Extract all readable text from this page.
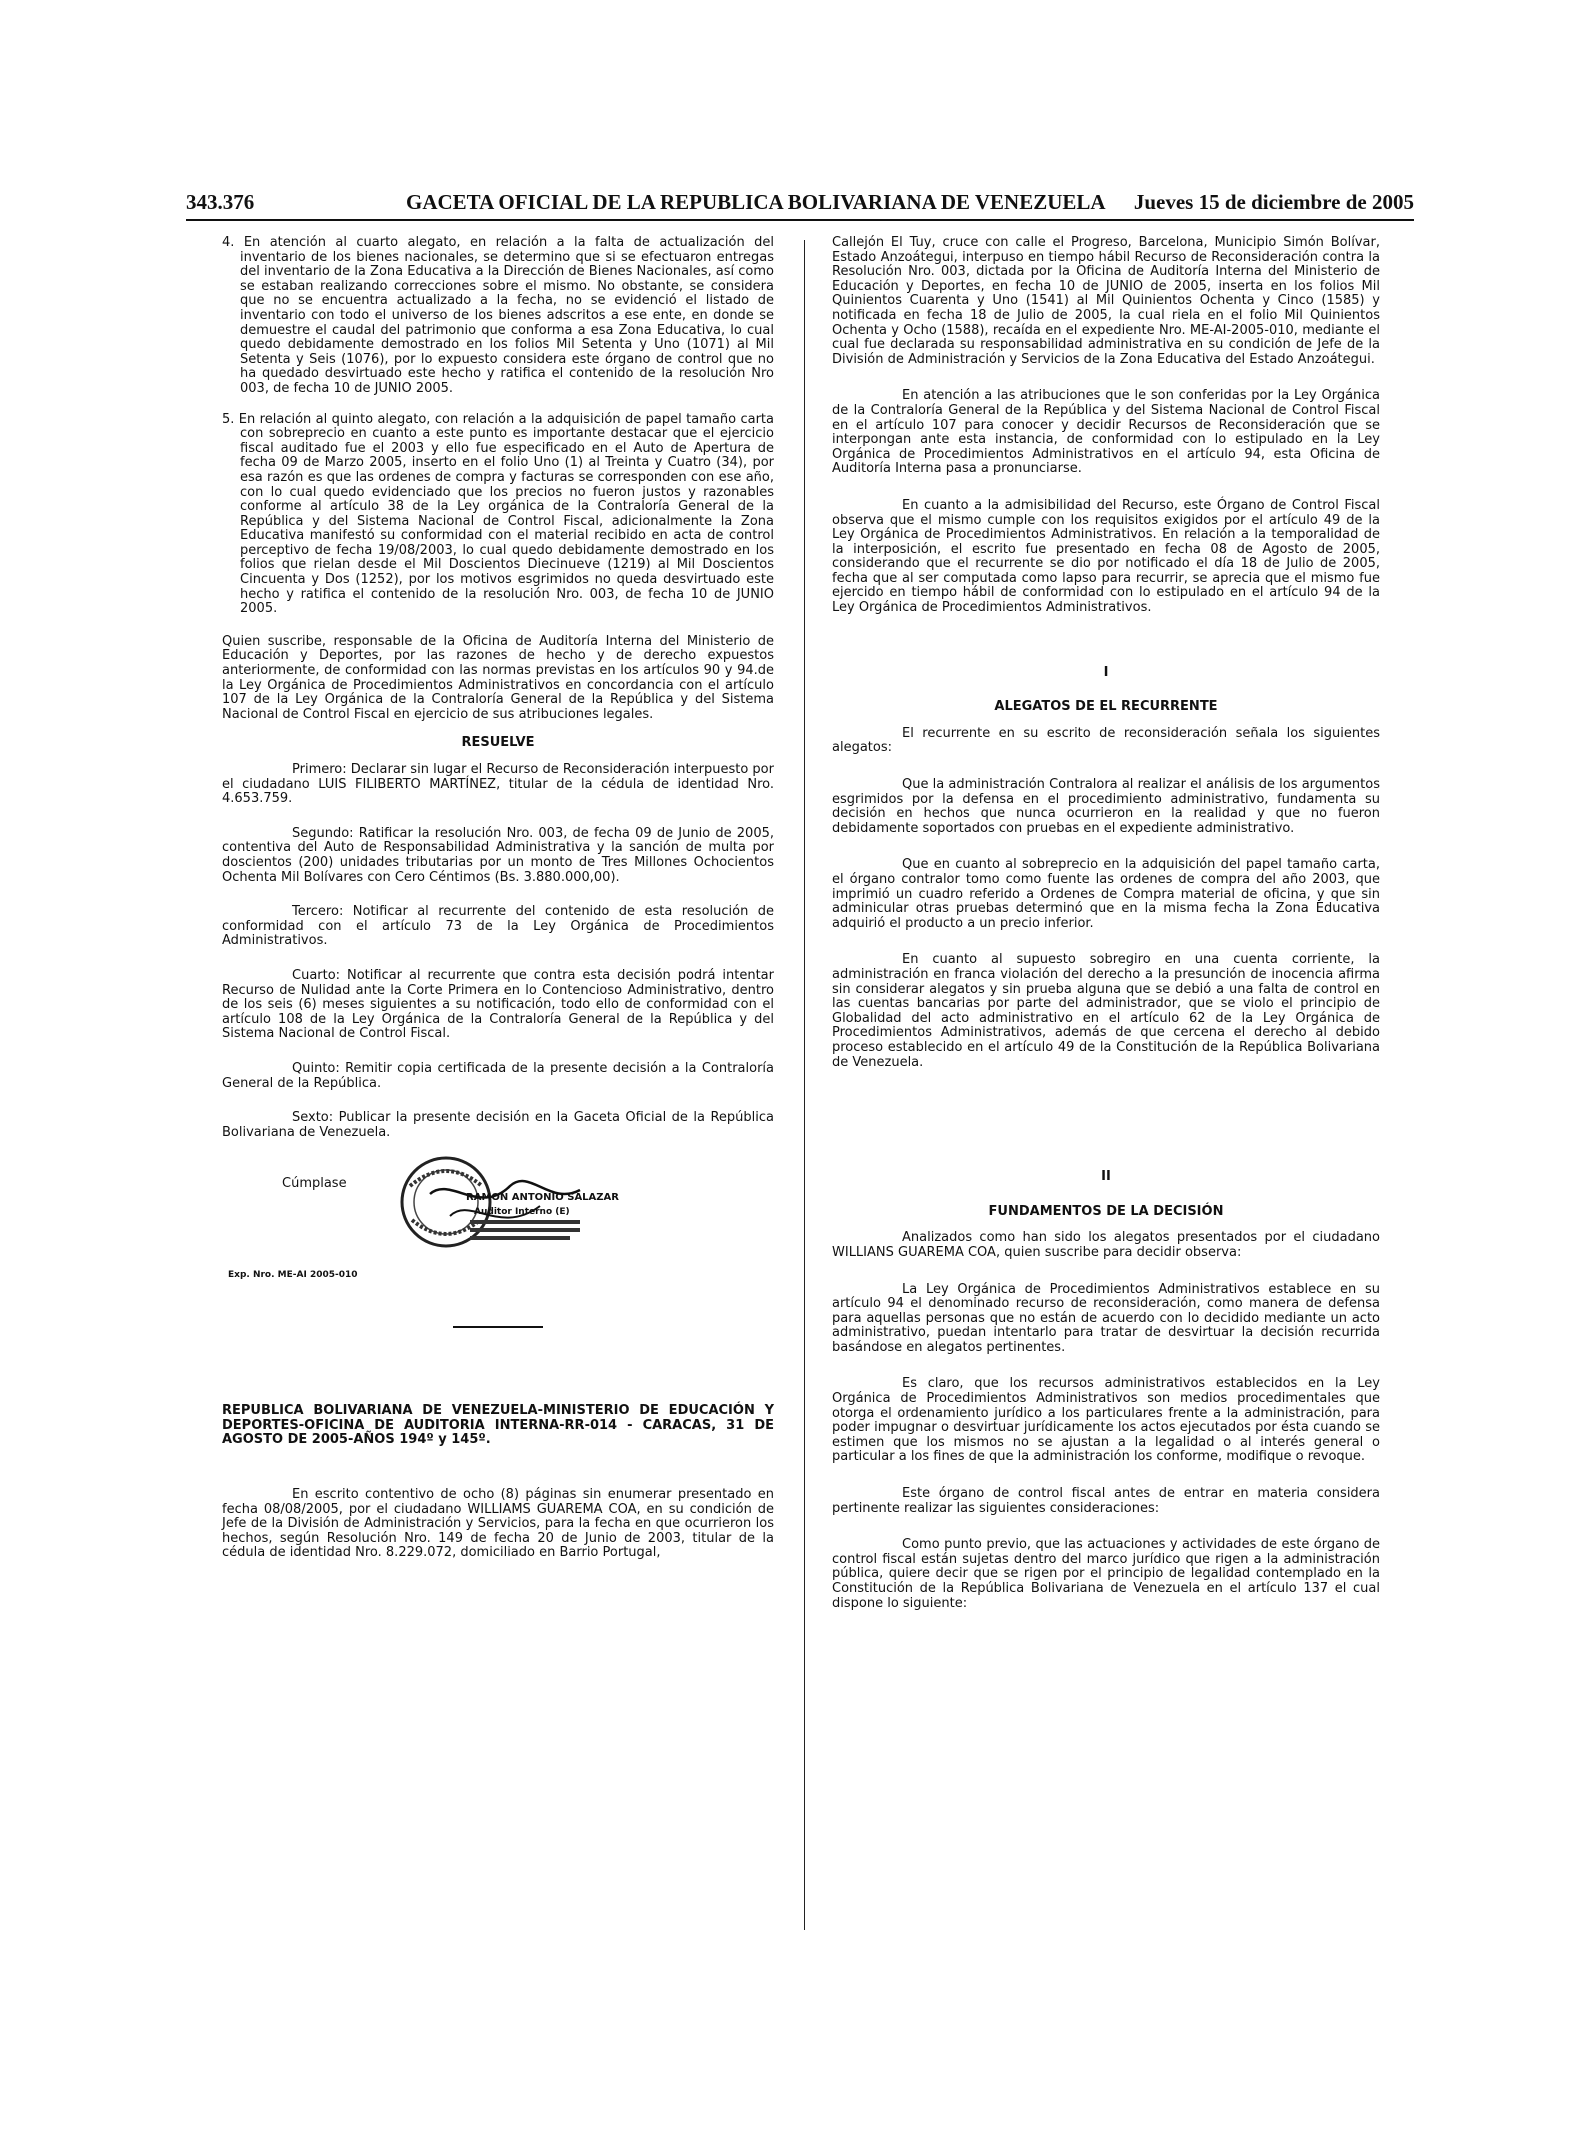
343.376	GACETA OFICIAL DE LA REPUBLICA BOLIVARIANA DE VENEZUELA Jueves 15 de diciembre de 2005

4. En atención al cuarto alegato, en relación a la falta de actualización del inventario de los bienes nacionales, se determino que si se efectuaron entregas del inventario de la Zona Educativa a la Dirección de Bienes Nacionales, así como se estaban realizando correcciones sobre el mismo. No obstante, se considera que no se encuentra actualizado a la fecha, no se evidenció el listado de inventario con todo el universo de los bienes adscritos a ese ente, en donde se demuestre el caudal del patrimonio que conforma a esa Zona Educativa, lo cual quedo debidamente demostrado en los folios Mil Setenta y Uno (1071) al Mil Setenta y Seis (1076), por lo expuesto considera este órgano de control que no ha quedado desvirtuado este hecho y ratifica el contenido de la resolución Nro 003, de fecha 10 de JUNIO 2005.

5. En relación al quinto alegato, con relación a la adquisición de papel tamaño carta con sobreprecio en cuanto a este punto es importante destacar que el ejercicio fiscal auditado fue el 2003 y ello fue especificado en el Auto de Apertura de fecha 09 de Marzo 2005, inserto en el folio Uno (1) al Treinta y Cuatro (34), por esa razón es que las ordenes de compra y facturas se corresponden con ese año, con lo cual quedo evidenciado que los precios no fueron justos y razonables conforme al artículo 38 de la Ley orgánica de la Contraloría General de la República y del Sistema Nacional de Control Fiscal, adicionalmente la Zona Educativa manifestó su conformidad con el material recibido en acta de control perceptivo de fecha 19/08/2003, lo cual quedo debidamente demostrado en los folios que rielan desde el Mil Doscientos Diecinueve (1219) al Mil Doscientos Cincuenta y Dos (1252), por los motivos esgrimidos no queda desvirtuado este hecho y ratifica el contenido de la resolución Nro. 003, de fecha 10 de JUNIO 2005.

Quien suscribe, responsable de la Oficina de Auditoría Interna del Ministerio de Educación y Deportes, por las razones de hecho y de derecho expuestos anteriormente, de conformidad con las normas previstas en los artículos 90 y 94.de la Ley Orgánica de Procedimientos Administrativos en concordancia con el artículo 107 de la Ley Orgánica de la Contraloría General de la República y del Sistema Nacional de Control Fiscal en ejercicio de sus atribuciones legales.

RESUELVE

Primero: Declarar sin lugar el Recurso de Reconsideración interpuesto por el ciudadano LUIS FILIBERTO MARTÍNEZ, titular de la cédula de identidad Nro. 4.653.759.

Segundo: Ratificar la resolución Nro. 003, de fecha 09 de Junio de 2005, contentiva del Auto de Responsabilidad Administrativa y la sanción de multa por doscientos (200) unidades tributarias por un monto de Tres Millones Ochocientos Ochenta Mil Bolívares con Cero Céntimos (Bs. 3.880.000,00).

Tercero: Notificar al recurrente del contenido de esta resolución de conformidad con el artículo 73 de la Ley Orgánica de Procedimientos Administrativos.

Cuarto: Notificar al recurrente que contra esta decisión podrá intentar Recurso de Nulidad ante la Corte Primera en lo Contencioso Administrativo, dentro de los seis (6) meses siguientes a su notificación, todo ello de conformidad con el artículo 108 de la Ley Orgánica de la Contraloría General de la República y del Sistema Nacional de Control Fiscal.

Quinto: Remitir copia certificada de la presente decisión a la Contraloría General de la República.

Sexto: Publicar la presente decisión en la Gaceta Oficial de la República Bolivariana de Venezuela.

Cúmplase
RAMON ANTONIO SALAZAR
Auditor Interno (E)
Exp. Nro. ME-AI 2005-010

REPUBLICA BOLIVARIANA DE VENEZUELA-MINISTERIO DE EDUCACIÓN Y DEPORTES-OFICINA DE AUDITORIA INTERNA-RR-014 - CARACAS, 31 DE AGOSTO DE 2005-AÑOS 194º y 145º.

En escrito contentivo de ocho (8) páginas sin enumerar presentado en fecha 08/08/2005, por el ciudadano WILLIAMS GUAREMA COA, en su condición de Jefe de la División de Administración y Servicios, para la fecha en que ocurrieron los hechos, según Resolución Nro. 149 de fecha 20 de Junio de 2003, titular de la cédula de identidad Nro. 8.229.072, domiciliado en Barrio Portugal,

Callejón El Tuy, cruce con calle el Progreso, Barcelona, Municipio Simón Bolívar, Estado Anzoátegui, interpuso en tiempo hábil Recurso de Reconsideración contra la Resolución Nro. 003, dictada por la Oficina de Auditoría Interna del Ministerio de Educación y Deportes, en fecha 10 de JUNIO de 2005, inserta en los folios Mil Quinientos Cuarenta y Uno (1541) al Mil Quinientos Ochenta y Cinco (1585) y notificada en fecha 18 de Julio de 2005, la cual riela en el folio Mil Quinientos Ochenta y Ocho (1588), recaída en el expediente Nro. ME-AI-2005-010, mediante el cual fue declarada su responsabilidad administrativa en su condición de Jefe de la División de Administración y Servicios de la Zona Educativa del Estado Anzoátegui.

En atención a las atribuciones que le son conferidas por la Ley Orgánica de la Contraloría General de la República y del Sistema Nacional de Control Fiscal en el artículo 107 para conocer y decidir Recursos de Reconsideración que se interpongan ante esta instancia, de conformidad con lo estipulado en la Ley Orgánica de Procedimientos Administrativos en el artículo 94, esta Oficina de Auditoría Interna pasa a pronunciarse.

En cuanto a la admisibilidad del Recurso, este Órgano de Control Fiscal observa que el mismo cumple con los requisitos exigidos por el artículo 49 de la Ley Orgánica de Procedimientos Administrativos. En relación a la temporalidad de la interposición, el escrito fue presentado en fecha 08 de Agosto de 2005, considerando que el recurrente se dio por notificado el día 18 de Julio de 2005, fecha que al ser computada como lapso para recurrir, se aprecia que el mismo fue ejercido en tiempo hábil de conformidad con lo estipulado en el artículo 94 de la Ley Orgánica de Procedimientos Administrativos.

I

ALEGATOS DE EL RECURRENTE

El recurrente en su escrito de reconsideración señala los siguientes alegatos:

Que la administración Contralora al realizar el análisis de los argumentos esgrimidos por la defensa en el procedimiento administrativo, fundamenta su decisión en hechos que nunca ocurrieron en la realidad y que no fueron debidamente soportados con pruebas en el expediente administrativo.

Que en cuanto al sobreprecio en la adquisición del papel tamaño carta, el órgano contralor tomo como fuente las ordenes de compra del año 2003, que imprimió un cuadro referido a Ordenes de Compra material de oficina, y que sin adminicular otras pruebas determinó que en la misma fecha la Zona Educativa adquirió el producto a un precio inferior.

En cuanto al supuesto sobregiro en una cuenta corriente, la administración en franca violación del derecho a la presunción de inocencia afirma sin considerar alegatos y sin prueba alguna que se debió a una falta de control en las cuentas bancarias por parte del administrador, que se violo el principio de Globalidad del acto administrativo en el artículo 62 de la Ley Orgánica de Procedimientos Administrativos, además de que cercena el derecho al debido proceso establecido en el artículo 49 de la Constitución de la República Bolivariana de Venezuela.

II

FUNDAMENTOS DE LA DECISIÓN

Analizados como han sido los alegatos presentados por el ciudadano WILLIANS GUAREMA COA, quien suscribe para decidir observa:

La Ley Orgánica de Procedimientos Administrativos establece en su artículo 94 el denominado recurso de reconsideración, como manera de defensa para aquellas personas que no están de acuerdo con lo decidido mediante un acto administrativo, puedan intentarlo para tratar de desvirtuar la decisión recurrida basándose en alegatos pertinentes.

Es claro, que los recursos administrativos establecidos en la Ley Orgánica de Procedimientos Administrativos son medios procedimentales que otorga el ordenamiento jurídico a los particulares frente a la administración, para poder impugnar o desvirtuar jurídicamente los actos ejecutados por ésta cuando se estimen que los mismos no se ajustan a la legalidad o al interés general o particular a los fines de que la administración los conforme, modifique o revoque.

Este órgano de control fiscal antes de entrar en materia considera pertinente realizar las siguientes consideraciones:

Como punto previo, que las actuaciones y actividades de este órgano de control fiscal están sujetas dentro del marco jurídico que rigen a la administración pública, quiere decir que se rigen por el principio de legalidad contemplado en la Constitución de la República Bolivariana de Venezuela en el artículo 137 el cual dispone lo siguiente:
